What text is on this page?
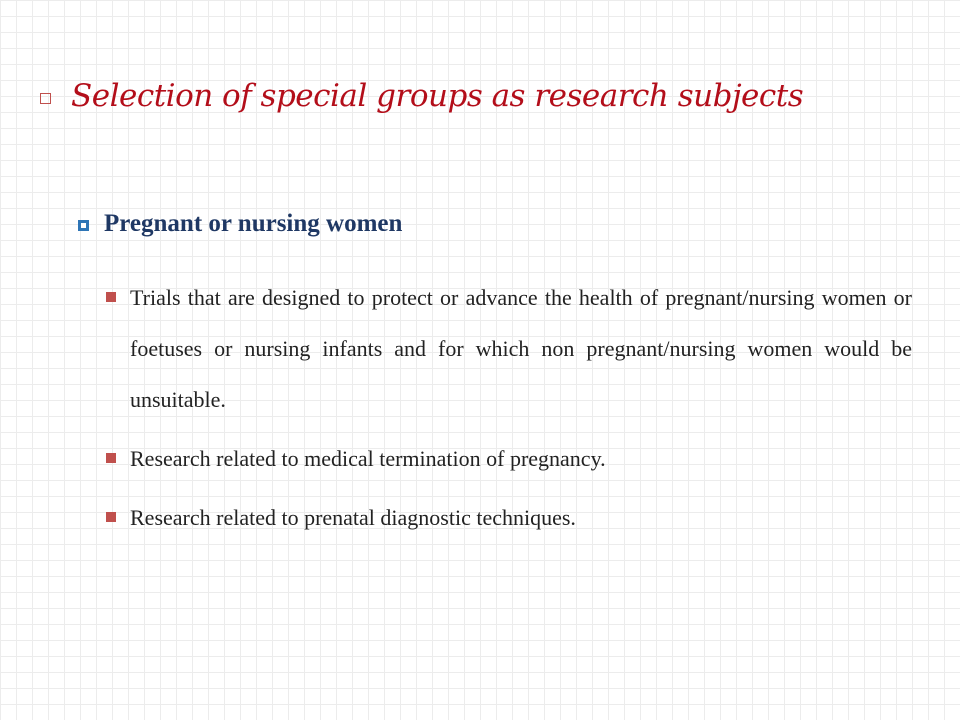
Selection of special groups as research subjects
Pregnant or nursing women
Trials that are designed to protect or advance the health of pregnant/nursing women or foetuses or nursing infants and for which non pregnant/nursing women would be unsuitable.
Research related to medical termination of pregnancy.
Research related to prenatal diagnostic techniques.
